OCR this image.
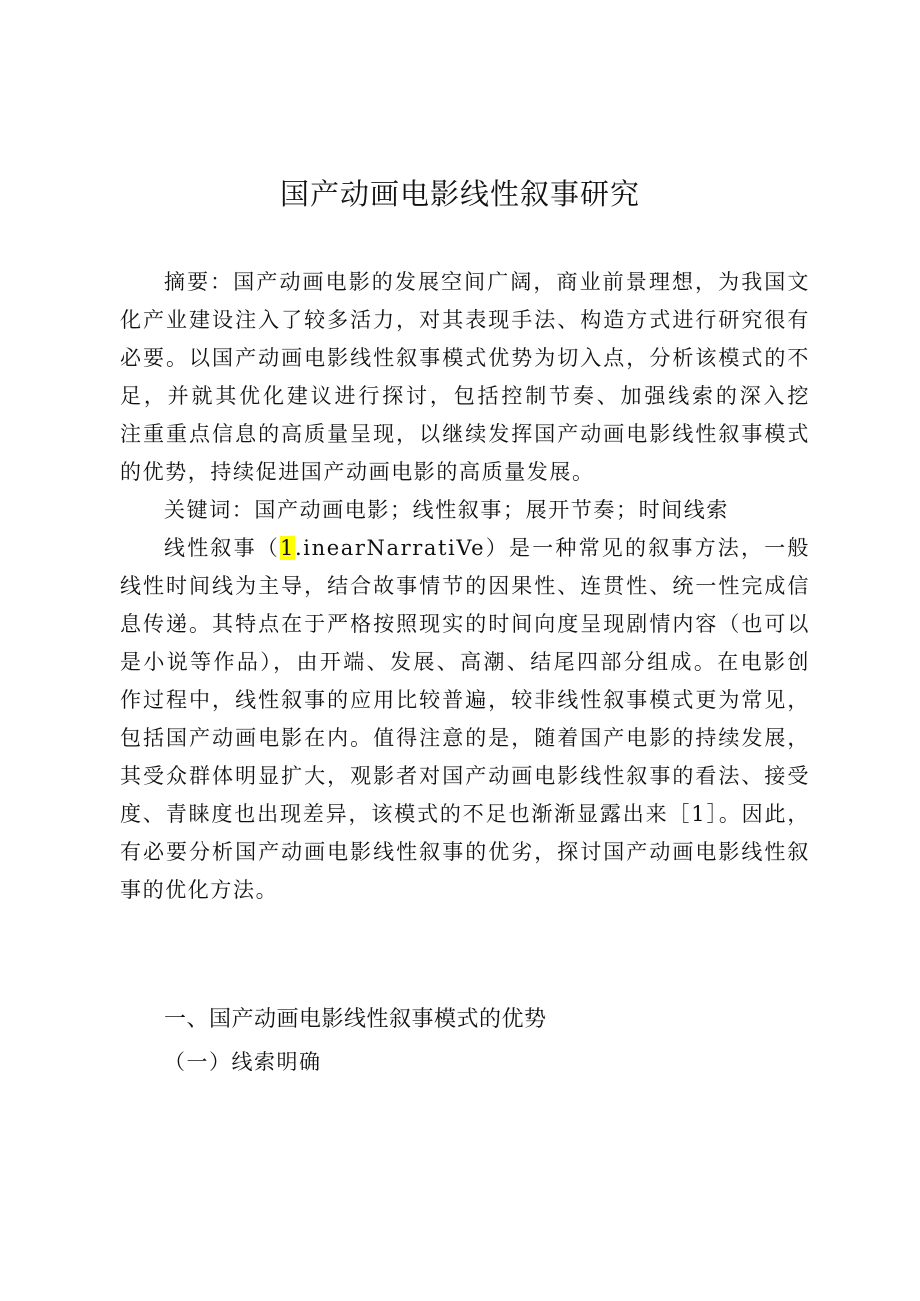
国产动画电影线性叙事研究
摘要：国产动画电影的发展空间广阔，商业前景理想，为我国文
化产业建设注入了较多活力，对其表现手法、构造方式进行研究很有
必要。以国产动画电影线性叙事模式优势为切入点，分析该模式的不
足，并就其优化建议进行探讨，包括控制节奏、加强线索的深入挖
注重重点信息的高质量呈现，以继续发挥国产动画电影线性叙事模式
的优势，持续促进国产动画电影的高质量发展。
关键词：国产动画电影；线性叙事；展开节奏；时间线索
线性叙事（1.inearNarratiVe）是一种常见的叙事方法，一般
线性时间线为主导，结合故事情节的因果性、连贯性、统一性完成信
息传递。其特点在于严格按照现实的时间向度呈现剧情内容（也可以
是小说等作品），由开端、发展、高潮、结尾四部分组成。在电影创
作过程中，线性叙事的应用比较普遍，较非线性叙事模式更为常见，
包括国产动画电影在内。值得注意的是，随着国产电影的持续发展，
其受众群体明显扩大，观影者对国产动画电影线性叙事的看法、接受
度、青睐度也出现差异，该模式的不足也渐渐显露出来［1］。因此，
有必要分析国产动画电影线性叙事的优劣，探讨国产动画电影线性叙
事的优化方法。
一、国产动画电影线性叙事模式的优势
（一）线索明确
